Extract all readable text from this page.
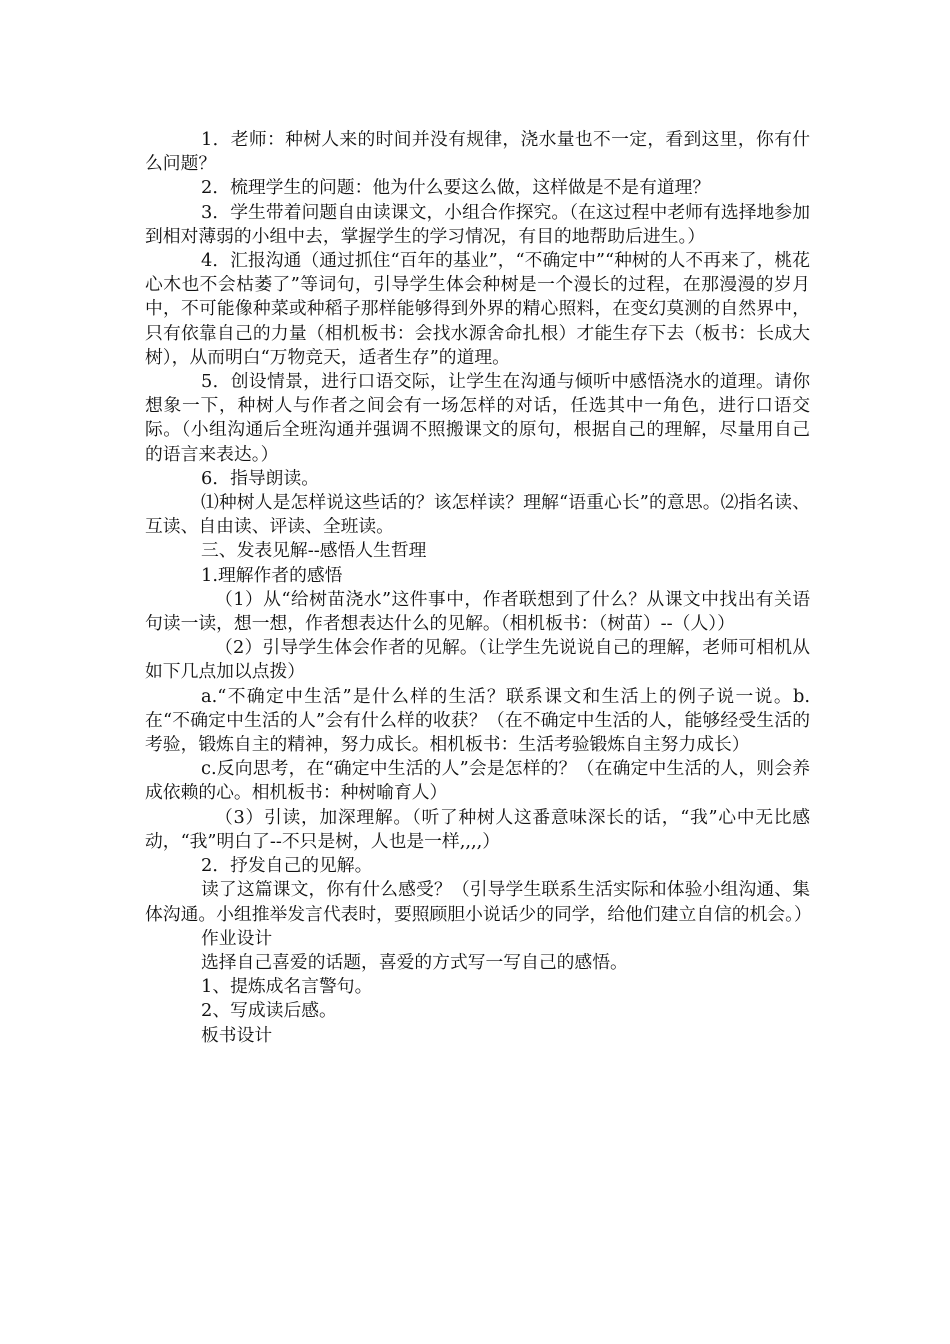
1．老师：种树人来的时间并没有规律，浇水量也不一定，看到这里，你有什么问题？

2．梳理学生的问题：他为什么要这么做，这样做是不是有道理？

3．学生带着问题自由读课文，小组合作探究。（在这过程中老师有选择地参加到相对薄弱的小组中去，掌握学生的学习情况，有目的地帮助后进生。）

4．汇报沟通（通过抓住“百年的基业”，“不确定中”“种树的人不再来了，桃花心木也不会枯萎了”等词句，引导学生体会种树是一个漫长的过程，在那漫漫的岁月中，不可能像种菜或种稻子那样能够得到外界的精心照料，在变幻莫测的自然界中，只有依靠自己的力量（相机板书：会找水源舍命扎根）才能生存下去（板书：长成大树），从而明白“万物竞天，适者生存”的道理。

5．创设情景，进行口语交际，让学生在沟通与倾听中感悟浇水的道理。请你想象一下，种树人与作者之间会有一场怎样的对话，任选其中一角色，进行口语交际。（小组沟通后全班沟通并强调不照搬课文的原句，根据自己的理解，尽量用自己的语言来表达。）

6．指导朗读。

⑴种树人是怎样说这些话的？该怎样读？理解“语重心长”的意思。⑵指名读、互读、自由读、评读、全班读。

三、发表见解--感悟人生哲理

1.理解作者的感悟

（1）从“给树苗浇水”这件事中，作者联想到了什么？从课文中找出有关语句读一读，想一想，作者想表达什么的见解。（相机板书：（树苗）--（人））

（2）引导学生体会作者的见解。（让学生先说说自己的理解，老师可相机从如下几点加以点拨）

a.“不确定中生活”是什么样的生活？联系课文和生活上的例子说一说。b.在“不确定中生活的人”会有什么样的收获？（在不确定中生活的人，能够经受生活的考验，锻炼自主的精神，努力成长。相机板书：生活考验锻炼自主努力成长）

c.反向思考，在“确定中生活的人”会是怎样的？（在确定中生活的人，则会养成依赖的心。相机板书：种树喻育人）

（3）引读，加深理解。（听了种树人这番意味深长的话，“我”心中无比感动，“我”明白了--不只是树，人也是一样,,,,）

2．抒发自己的见解。

读了这篇课文，你有什么感受？（引导学生联系生活实际和体验小组沟通、集体沟通。小组推举发言代表时，要照顾胆小说话少的同学，给他们建立自信的机会。）

作业设计

选择自己喜爱的话题，喜爱的方式写一写自己的感悟。

1、提炼成名言警句。

2、写成读后感。

板书设计
